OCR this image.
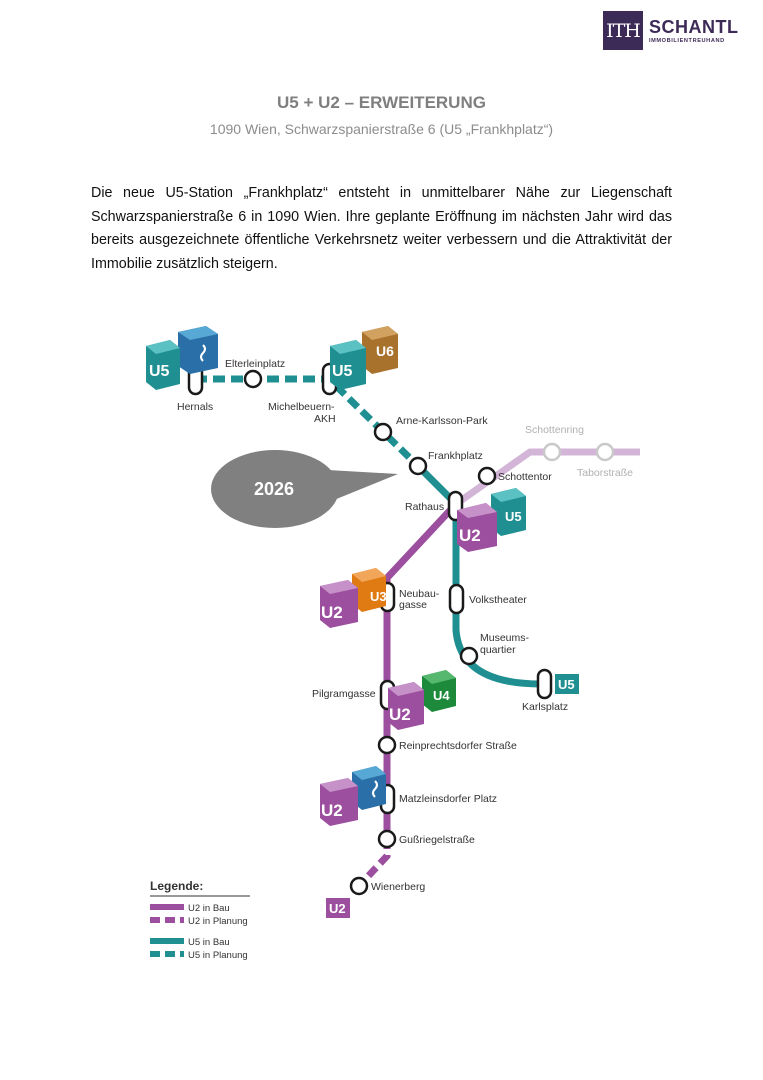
ITH SCHANTL
IMMOBILIENTREUHAND
U5 + U2 – ERWEITERUNG
1090 Wien, Schwarzspanierstraße 6 (U5 „Frankhplatz“)

Die neue U5-Station „Frankhplatz“ entsteht in unmittelbarer Nähe zur Liegenschaft Schwarzspanierstraße 6 in 1090 Wien. Ihre geplante Eröffnung im nächsten Jahr wird das bereits ausgezeichnete öffentliche Verkehrsnetz weiter verbessern und die Attraktivität der Immobilie zusätzlich steigern.

U5
U6
U5
U5
U2
U3
U2
U4
U2
U2
U5
U2
2026
Hernals
Elterleinplatz
Michelbeuern-
AKH	Arne-Karlsson-Park
Frankhplatz
Schottenring
Schottentor Taborstraße
Rathaus
Neubau-
gasse	Volkstheater
Museums-
quartier
Karlsplatz
Pilgramgasse
Reinprechtsdorfer Straße
Matzleinsdorfer Platz
Gußriegelstraße
Wienerberg
Legende:
U2 in Bau
U2 in Planung
U5 in Bau
U5 in Planung
